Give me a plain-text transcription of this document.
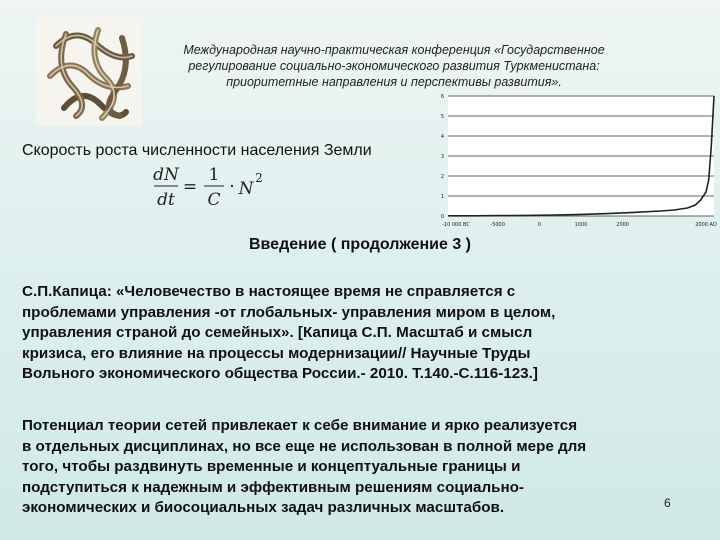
Международная научно-практическая конференция «Государственное
регулирование социально-экономического развития Туркменистана:
приоритетные направления и перспективы развития».
0
1
2
3
4
5
6
-10 000 BC	-5000	0	1000	2000	2000 AD
Скорость роста численности населения Земли
dN
dt
=
1
C
· N
2
Введение ( продолжение 3 )
С.П.Капица: «Человечество в настоящее время не справляется с
проблемами управления -от глобальных- управления миром в целом,
управления страной до семейных». [Капица С.П. Масштаб и смысл
кризиса, его влияние на процессы модернизации// Научные Труды
Вольного экономического общества России.- 2010. Т.140.-С.116-123.]
Потенциал теории сетей привлекает к себе внимание и ярко реализуется
в отдельных дисциплинах, но все еще не использован в полной мере для
того, чтобы раздвинуть временные и концептуальные границы и
подступиться к надежным и эффективным решениям социально-
экономических и биосоциальных задач различных масштабов.	6
